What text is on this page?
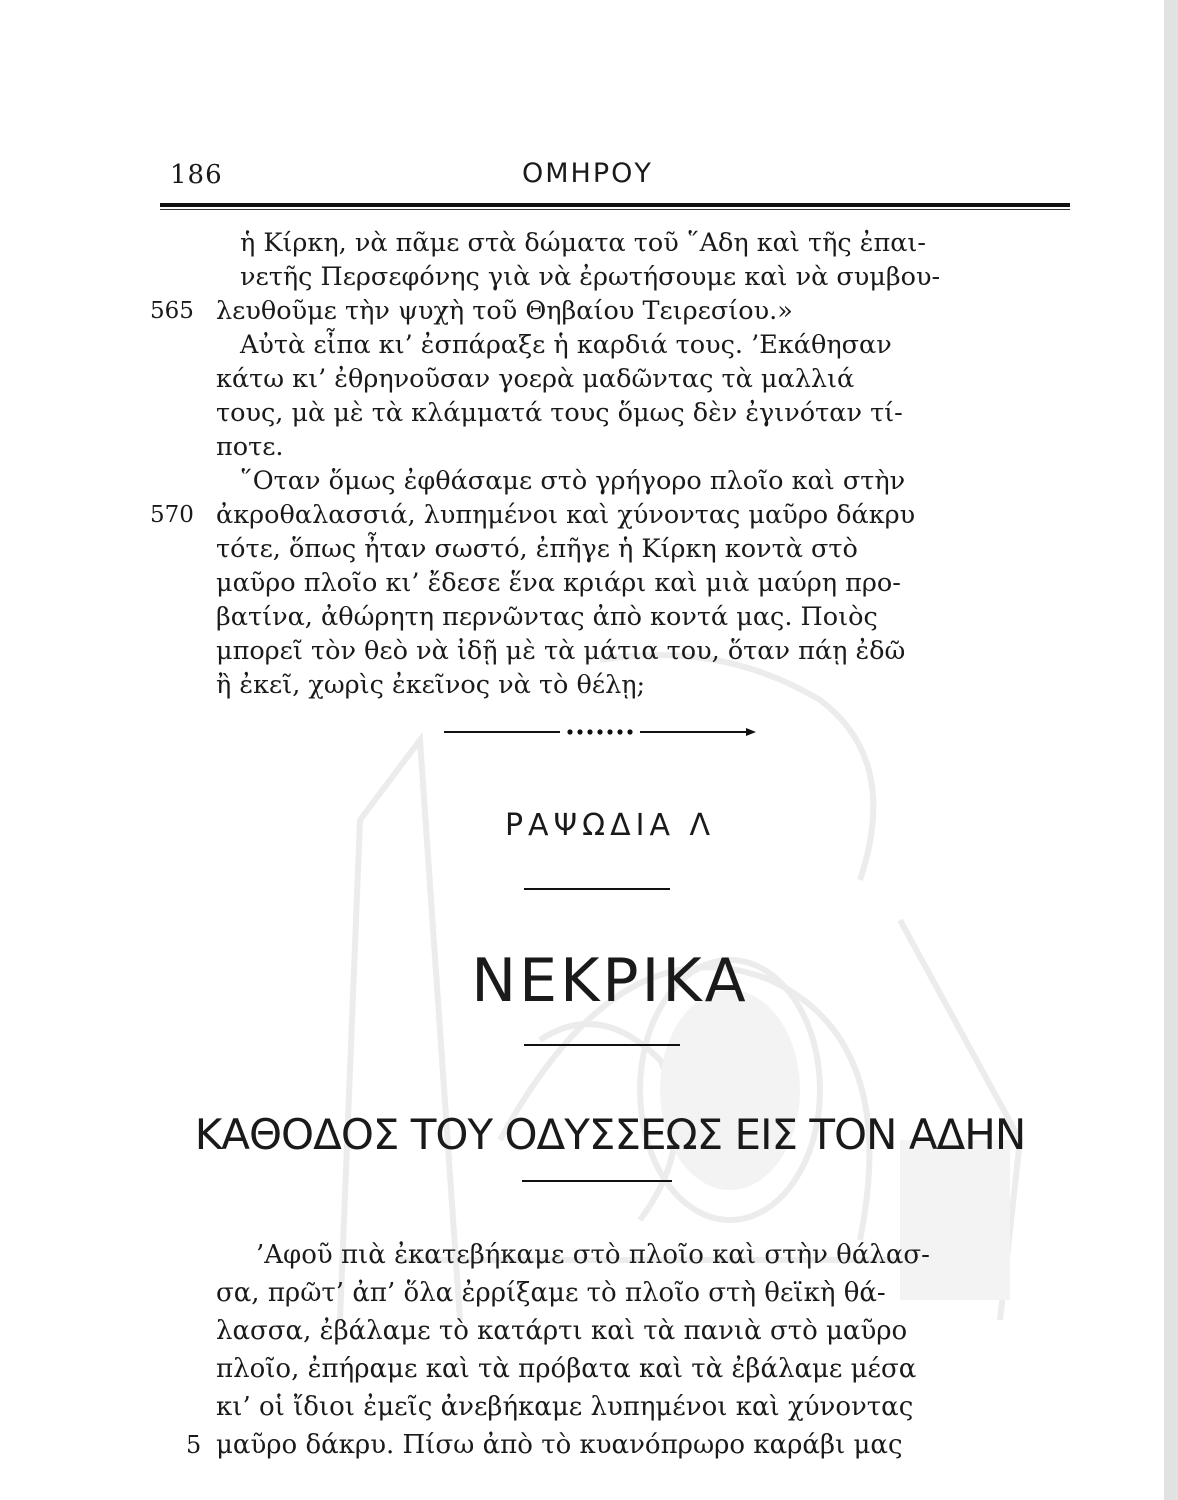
186	ΟΜΗΡΟΥ
ἡ Κίρκη, νὰ πᾶμε στὰ δώματα τοῦ ῞Αδη καὶ τῆς ἐπαι-
νετῆς Περσεφόνης γιὰ νὰ ἐρωτήσουμε καὶ νὰ συμβου-
565 λευθοῦμε τὴν ψυχὴ τοῦ Θηβαίου Τειρεσίου.»
Αὐτὰ εἶπα κι’ ἐσπάραξε ἡ καρδιά τους. ’Εκάθησαν
κάτω κι’ ἐθρηνοῦσαν γοερὰ μαδῶντας τὰ μαλλιά
τους, μὰ μὲ τὰ κλάμματά τους ὅμως δὲν ἐγινόταν τί-
ποτε.
῞Οταν ὅμως ἐφθάσαμε στὸ γρήγορο πλοῖο καὶ στὴν
570 ἀκροθαλασσιά, λυπημένοι καὶ χύνοντας μαῦρο δάκρυ
τότε, ὅπως ἦταν σωστό, ἐπῆγε ἡ Κίρκη κοντὰ στὸ
μαῦρο πλοῖο κι’ ἔδεσε ἕνα κριάρι καὶ μιὰ μαύρη προ-
βατίνα, ἀθώρητη περνῶντας ἀπὸ κοντά μας. Ποιὸς
μπορεῖ τὸν θεὸ νὰ ἰδῇ μὲ τὰ μάτια του, ὅταν πάῃ ἐδῶ
ἢ ἐκεῖ, χωρὶς ἐκεῖνος νὰ τὸ θέλῃ;
ΡΑΨΩΔΙΑ Λ
ΝΕΚΡΙΚΑ
ΚΑΘΟΔΟΣ ΤΟΥ ΟΔΥΣΣΕΩΣ ΕΙΣ ΤΟΝ ΑΔΗΝ
’Αφοῦ πιὰ ἐκατεβήκαμε στὸ πλοῖο καὶ στὴν θάλασ-
σα, πρῶτ’ ἀπ’ ὅλα ἐρρίξαμε τὸ πλοῖο στὴ θεϊκὴ θά-
λασσα, ἐβάλαμε τὸ κατάρτι καὶ τὰ πανιὰ στὸ μαῦρο
πλοῖο, ἐπήραμε καὶ τὰ πρόβατα καὶ τὰ ἐβάλαμε μέσα
κι’ οἱ ἴδιοι ἐμεῖς ἀνεβήκαμε λυπημένοι καὶ χύνοντας
5 μαῦρο δάκρυ. Πίσω ἀπὸ τὸ κυανόπρωρο καράβι μας
